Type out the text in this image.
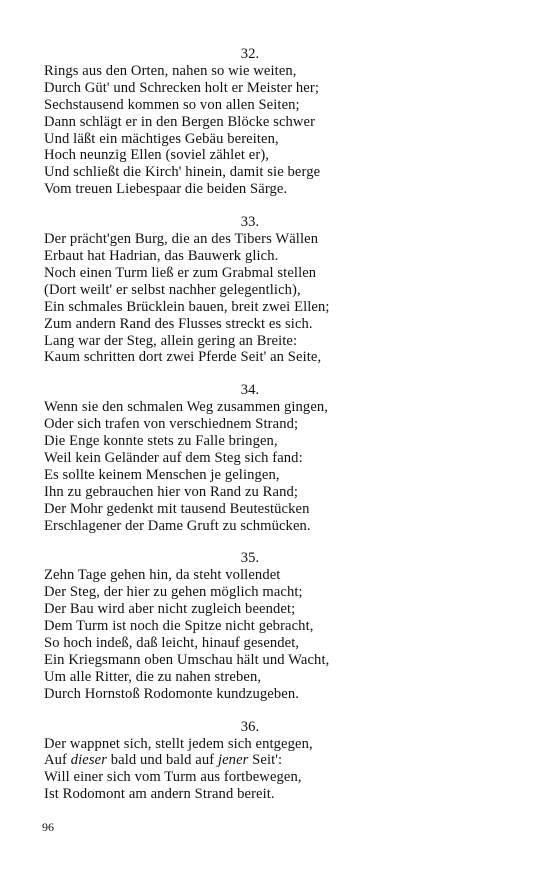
32.
Rings aus den Orten, nahen so wie weiten,
Durch Güt' und Schrecken holt er Meister her;
Sechstausend kommen so von allen Seiten;
Dann schlägt er in den Bergen Blöcke schwer
Und läßt ein mächtiges Gebäu bereiten,
Hoch neunzig Ellen (soviel zählet er),
Und schließt die Kirch' hinein, damit sie berge
Vom treuen Liebespaar die beiden Särge.
33.
Der prächt'gen Burg, die an des Tibers Wällen
Erbaut hat Hadrian, das Bauwerk glich.
Noch einen Turm ließ er zum Grabmal stellen
(Dort weilt' er selbst nachher gelegentlich),
Ein schmales Brücklein bauen, breit zwei Ellen;
Zum andern Rand des Flusses streckt es sich.
Lang war der Steg, allein gering an Breite:
Kaum schritten dort zwei Pferde Seit' an Seite,
34.
Wenn sie den schmalen Weg zusammen gingen,
Oder sich trafen von verschiednem Strand;
Die Enge konnte stets zu Falle bringen,
Weil kein Geländer auf dem Steg sich fand:
Es sollte keinem Menschen je gelingen,
Ihn zu gebrauchen hier von Rand zu Rand;
Der Mohr gedenkt mit tausend Beutestücken
Erschlagener der Dame Gruft zu schmücken.
35.
Zehn Tage gehen hin, da steht vollendet
Der Steg, der hier zu gehen möglich macht;
Der Bau wird aber nicht zugleich beendet;
Dem Turm ist noch die Spitze nicht gebracht,
So hoch indeß, daß leicht, hinauf gesendet,
Ein Kriegsmann oben Umschau hält und Wacht,
Um alle Ritter, die zu nahen streben,
Durch Hornstoß Rodomonte kundzugeben.
36.
Der wappnet sich, stellt jedem sich entgegen,
Auf dieser bald und bald auf jener Seit':
Will einer sich vom Turm aus fortbewegen,
Ist Rodomont am andern Strand bereit.
96
